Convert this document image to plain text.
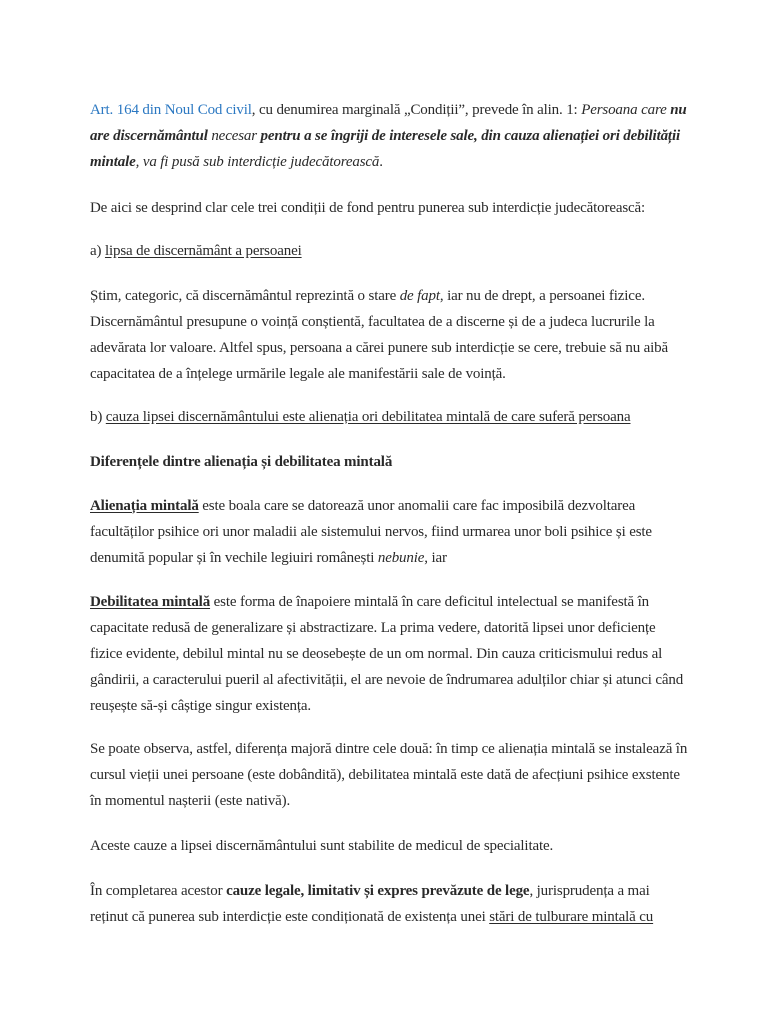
Art. 164 din Noul Cod civil, cu denumirea marginală „Condiții”, prevede în alin. 1: Persoana care nu are discernământul necesar pentru a se îngriji de interesele sale, din cauza alienației ori debilității mintale, va fi pusă sub interdicție judecătorească.

De aici se desprind clar cele trei condiții de fond pentru punerea sub interdicție judecătorească:

a) lipsa de discernământ a persoanei

Știm, categoric, că discernământul reprezintă o stare de fapt, iar nu de drept, a persoanei fizice. Discernământul presupune o voință conștientă, facultatea de a discerne și de a judeca lucrurile la adevărata lor valoare. Altfel spus, persoana a cărei punere sub interdicție se cere, trebuie să nu aibă capacitatea de a înțelege urmările legale ale manifestării sale de voință.

b) cauza lipsei discernământului este alienația ori debilitatea mintală de care suferă persoana

Diferențele dintre alienația și debilitatea mintală

Alienația mintală este boala care se datorează unor anomalii care fac imposibilă dezvoltarea facultăților psihice ori unor maladii ale sistemului nervos, fiind urmarea unor boli psihice și este denumită popular și în vechile legiuiri românești nebunie, iar

Debilitatea mintală este forma de înapoiere mintală în care deficitul intelectual se manifestă în capacitate redusă de generalizare și abstractizare. La prima vedere, datorită lipsei unor deficiențe fizice evidente, debilul mintal nu se deosebește de un om normal. Din cauza criticismului redus al gândirii, a caracterului pueril al afectivității, el are nevoie de îndrumarea adulților chiar și atunci când reușește să-și câștige singur existența.

Se poate observa, astfel, diferența majoră dintre cele două: în timp ce alienația mintală se instalează în cursul vieții unei persoane (este dobândită), debilitatea mintală este dată de afecțiuni psihice exstente în momentul nașterii (este nativă).

Aceste cauze a lipsei discernământului sunt stabilite de medicul de specialitate.

În completarea acestor cauze legale, limitativ și expres prevăzute de lege, jurisprudența a mai reținut că punerea sub interdicție este condiționată de existența unei stări de tulburare mintală cu
